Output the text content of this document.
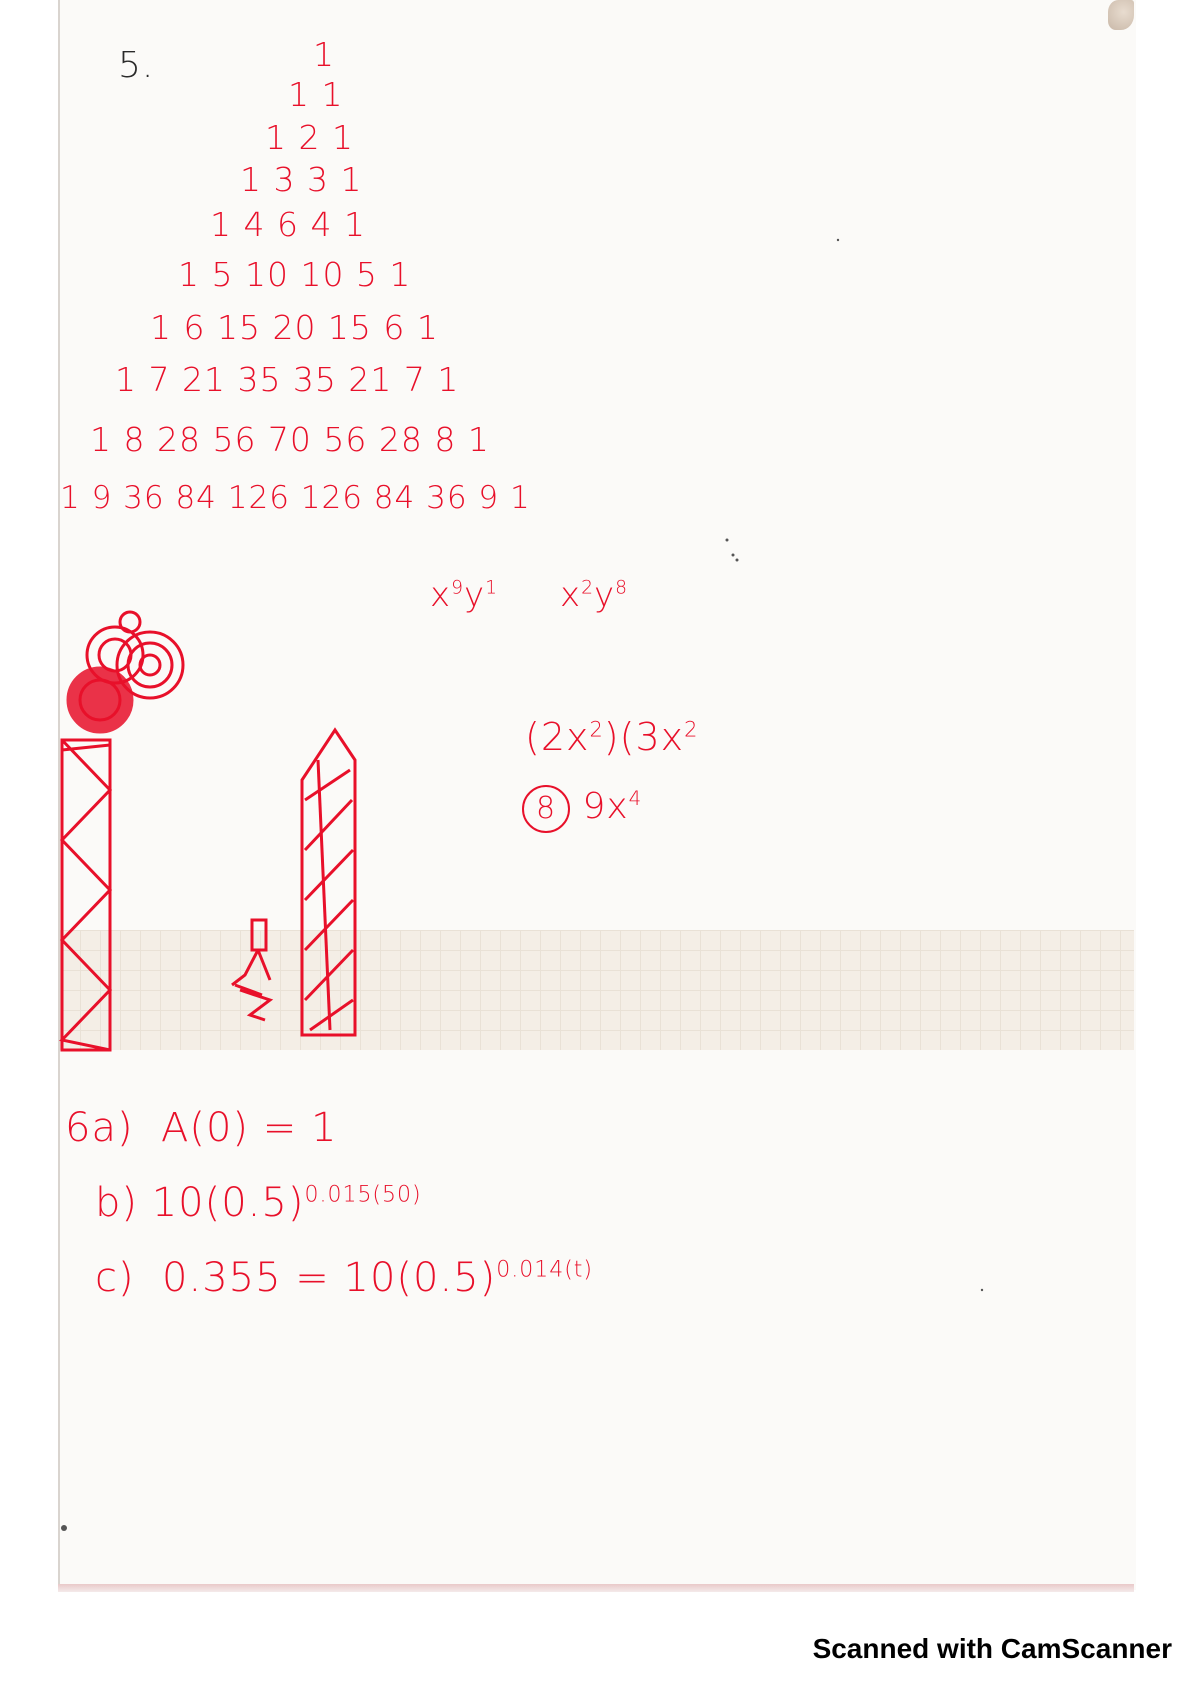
5.	1
1 1
1 2 1
1 3 3 1
1 4 6 4 1
1 5 10 10 5 1
1 6 15 20 15 6 1
1 7 21 35 35 21 7 1
1 8 28 56 70 56 28 8 1
1 9 36 84 126 126 84 36 9 1
$x^9y^1$ $x^2y^8$
$(2x^2)(3x^2$
8 $9x^4$
6a) A(0) = 1
b) $10(0.5)^{0.015(50)}$
c) $0.355 = 10(0.5)^{0.014(t)}$
Scanned with CamScanner
